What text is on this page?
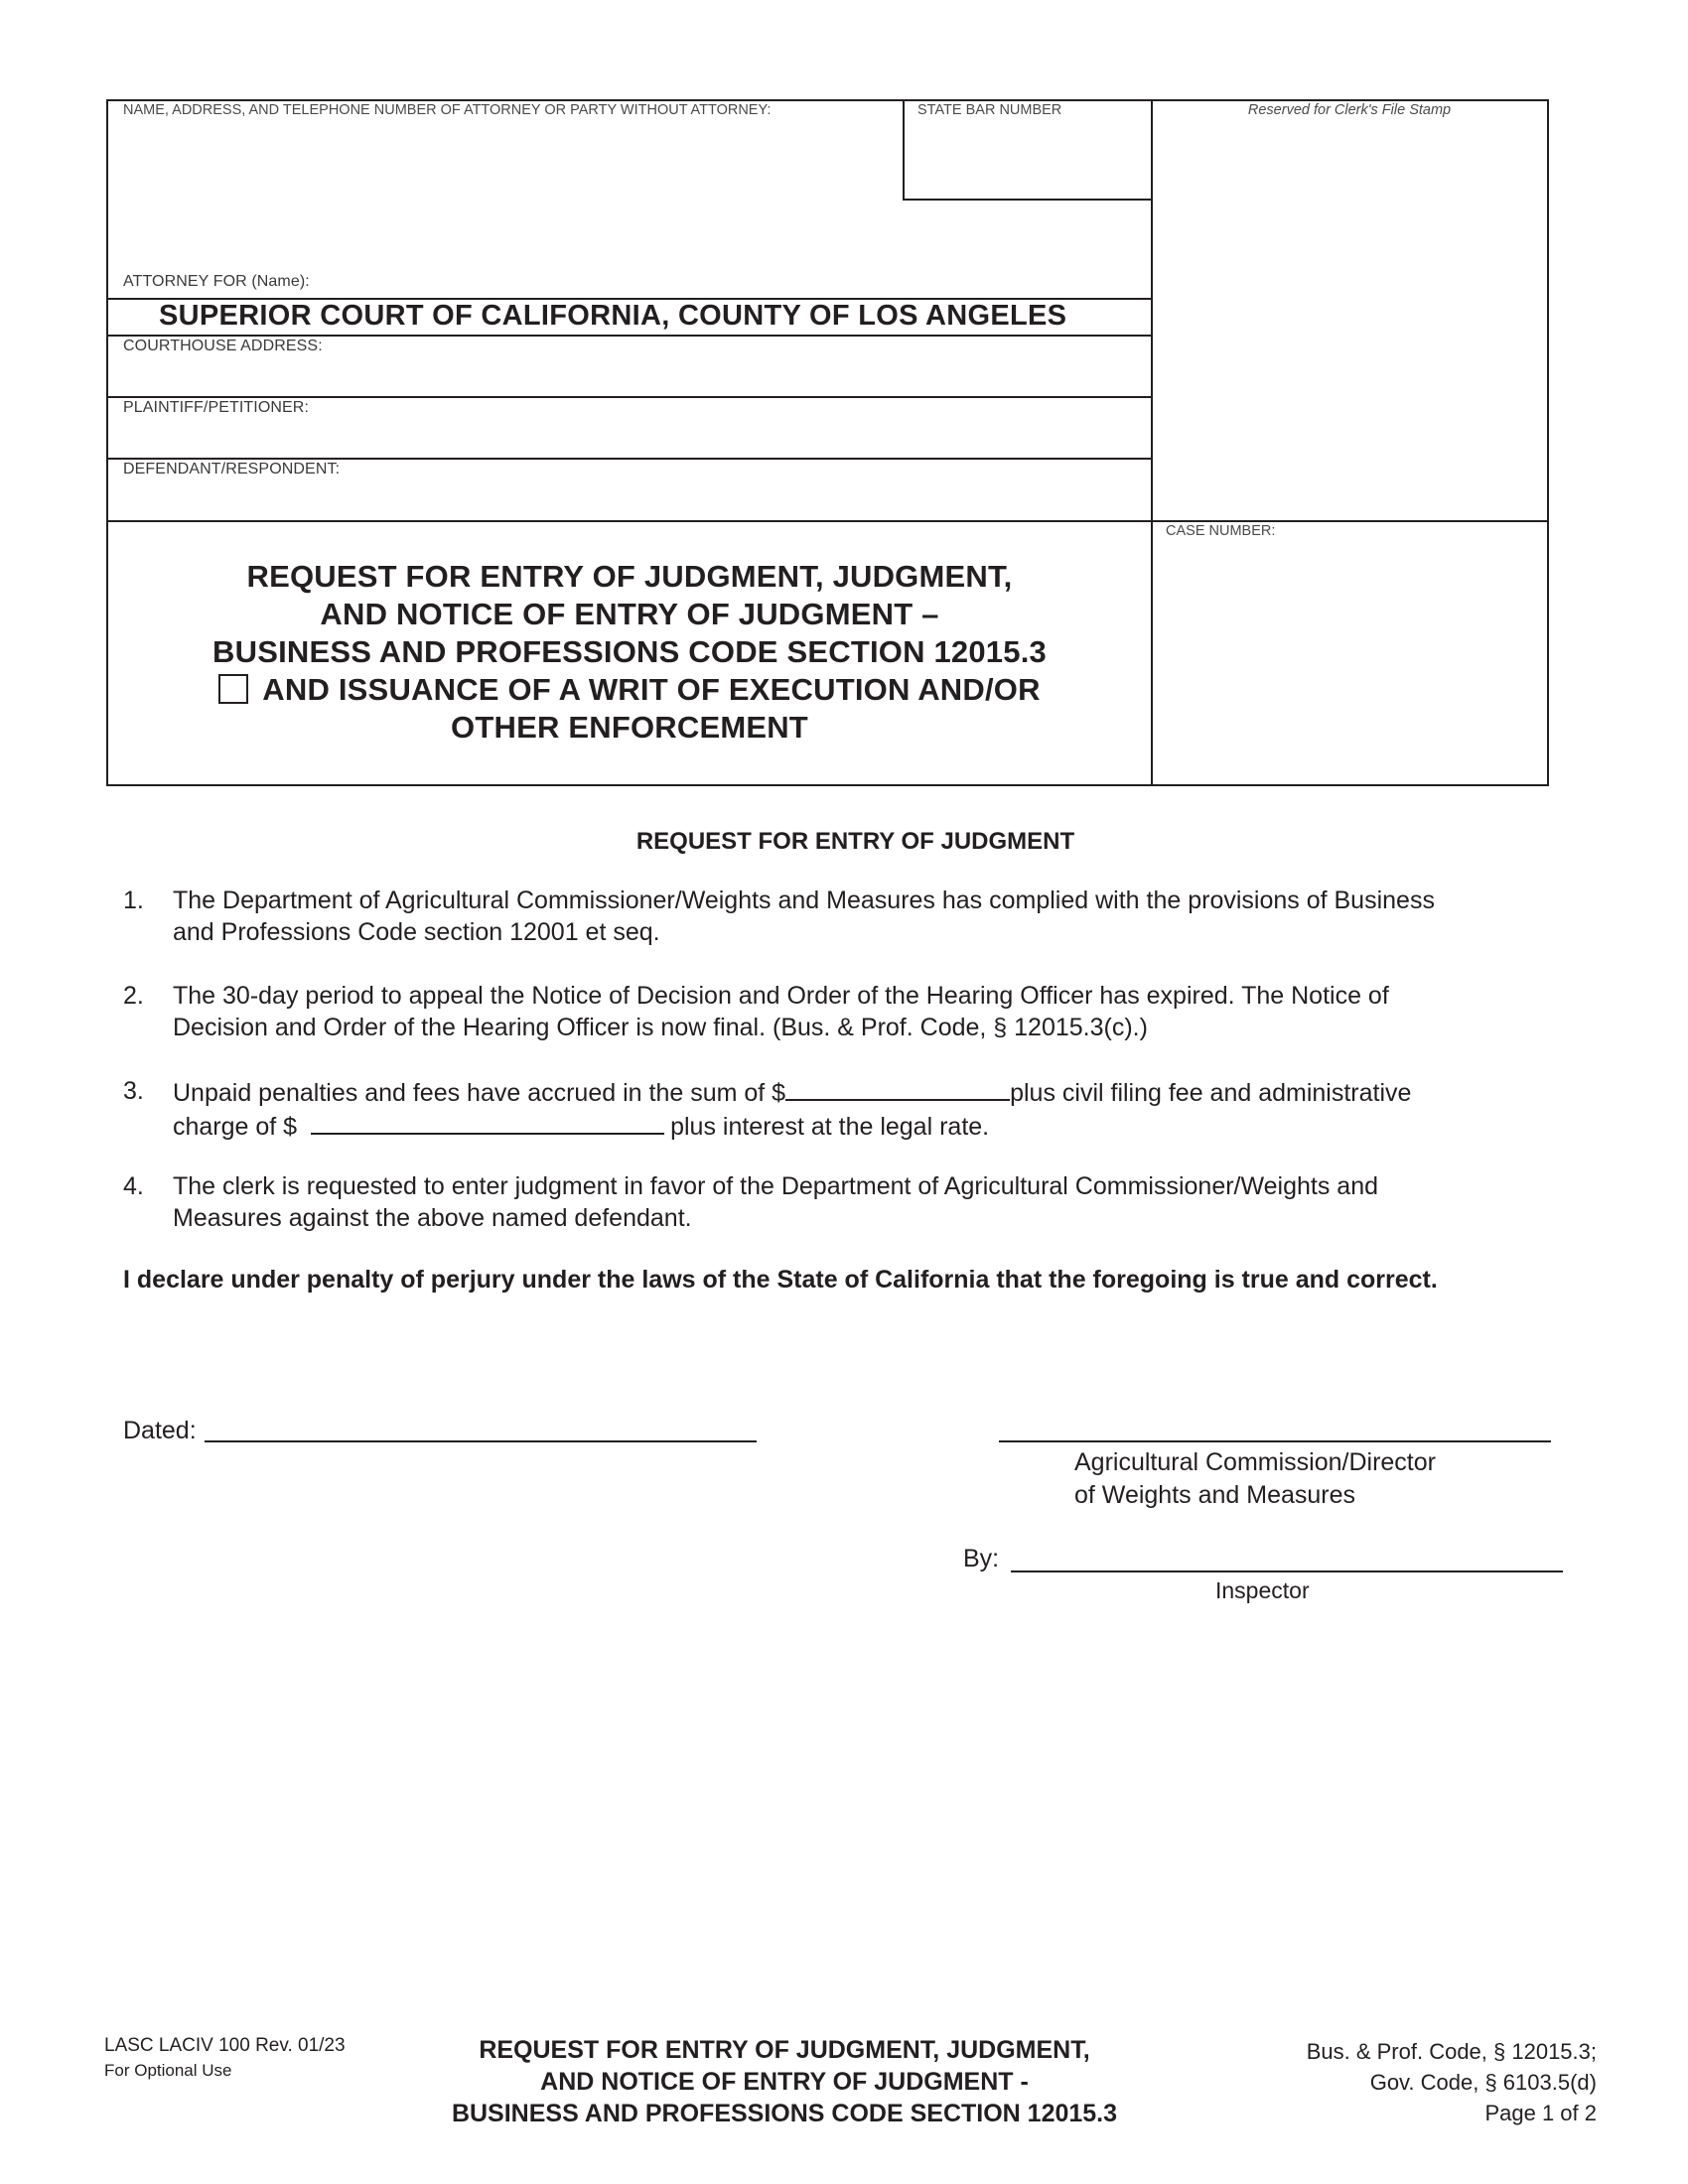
NAME, ADDRESS, AND TELEPHONE NUMBER OF ATTORNEY OR PARTY WITHOUT ATTORNEY:	STATE BAR NUMBER	Reserved for Clerk's File Stamp
ATTORNEY FOR (Name):
SUPERIOR COURT OF CALIFORNIA, COUNTY OF LOS ANGELES
COURTHOUSE ADDRESS:
PLAINTIFF/PETITIONER:
DEFENDANT/RESPONDENT:
CASE NUMBER:
REQUEST FOR ENTRY OF JUDGMENT, JUDGMENT,
AND NOTICE OF ENTRY OF JUDGMENT –
BUSINESS AND PROFESSIONS CODE SECTION 12015.3
AND ISSUANCE OF A WRIT OF EXECUTION AND/OR
OTHER ENFORCEMENT
REQUEST FOR ENTRY OF JUDGMENT
1. The Department of Agricultural Commissioner/Weights and Measures has complied with the provisions of Business
and Professions Code section 12001 et seq.
2. The 30-day period to appeal the Notice of Decision and Order of the Hearing Officer has expired. The Notice of
Decision and Order of the Hearing Officer is now final. (Bus. & Prof. Code, § 12015.3(c).)
3. Unpaid penalties and fees have accrued in the sum of $	plus civil filing fee and administrative
charge of $	plus interest at the legal rate.
4. The clerk is requested to enter judgment in favor of the Department of Agricultural Commissioner/Weights and
Measures against the above named defendant.
I declare under penalty of perjury under the laws of the State of California that the foregoing is true and correct.
Dated:
Agricultural Commission/Director
of Weights and Measures
By:
Inspector
LASC LACIV 100 Rev. 01/23
For Optional Use
REQUEST FOR ENTRY OF JUDGMENT, JUDGMENT,
AND NOTICE OF ENTRY OF JUDGMENT -
BUSINESS AND PROFESSIONS CODE SECTION 12015.3
Bus. & Prof. Code, § 12015.3;
Gov. Code, § 6103.5(d)
Page 1 of 2
